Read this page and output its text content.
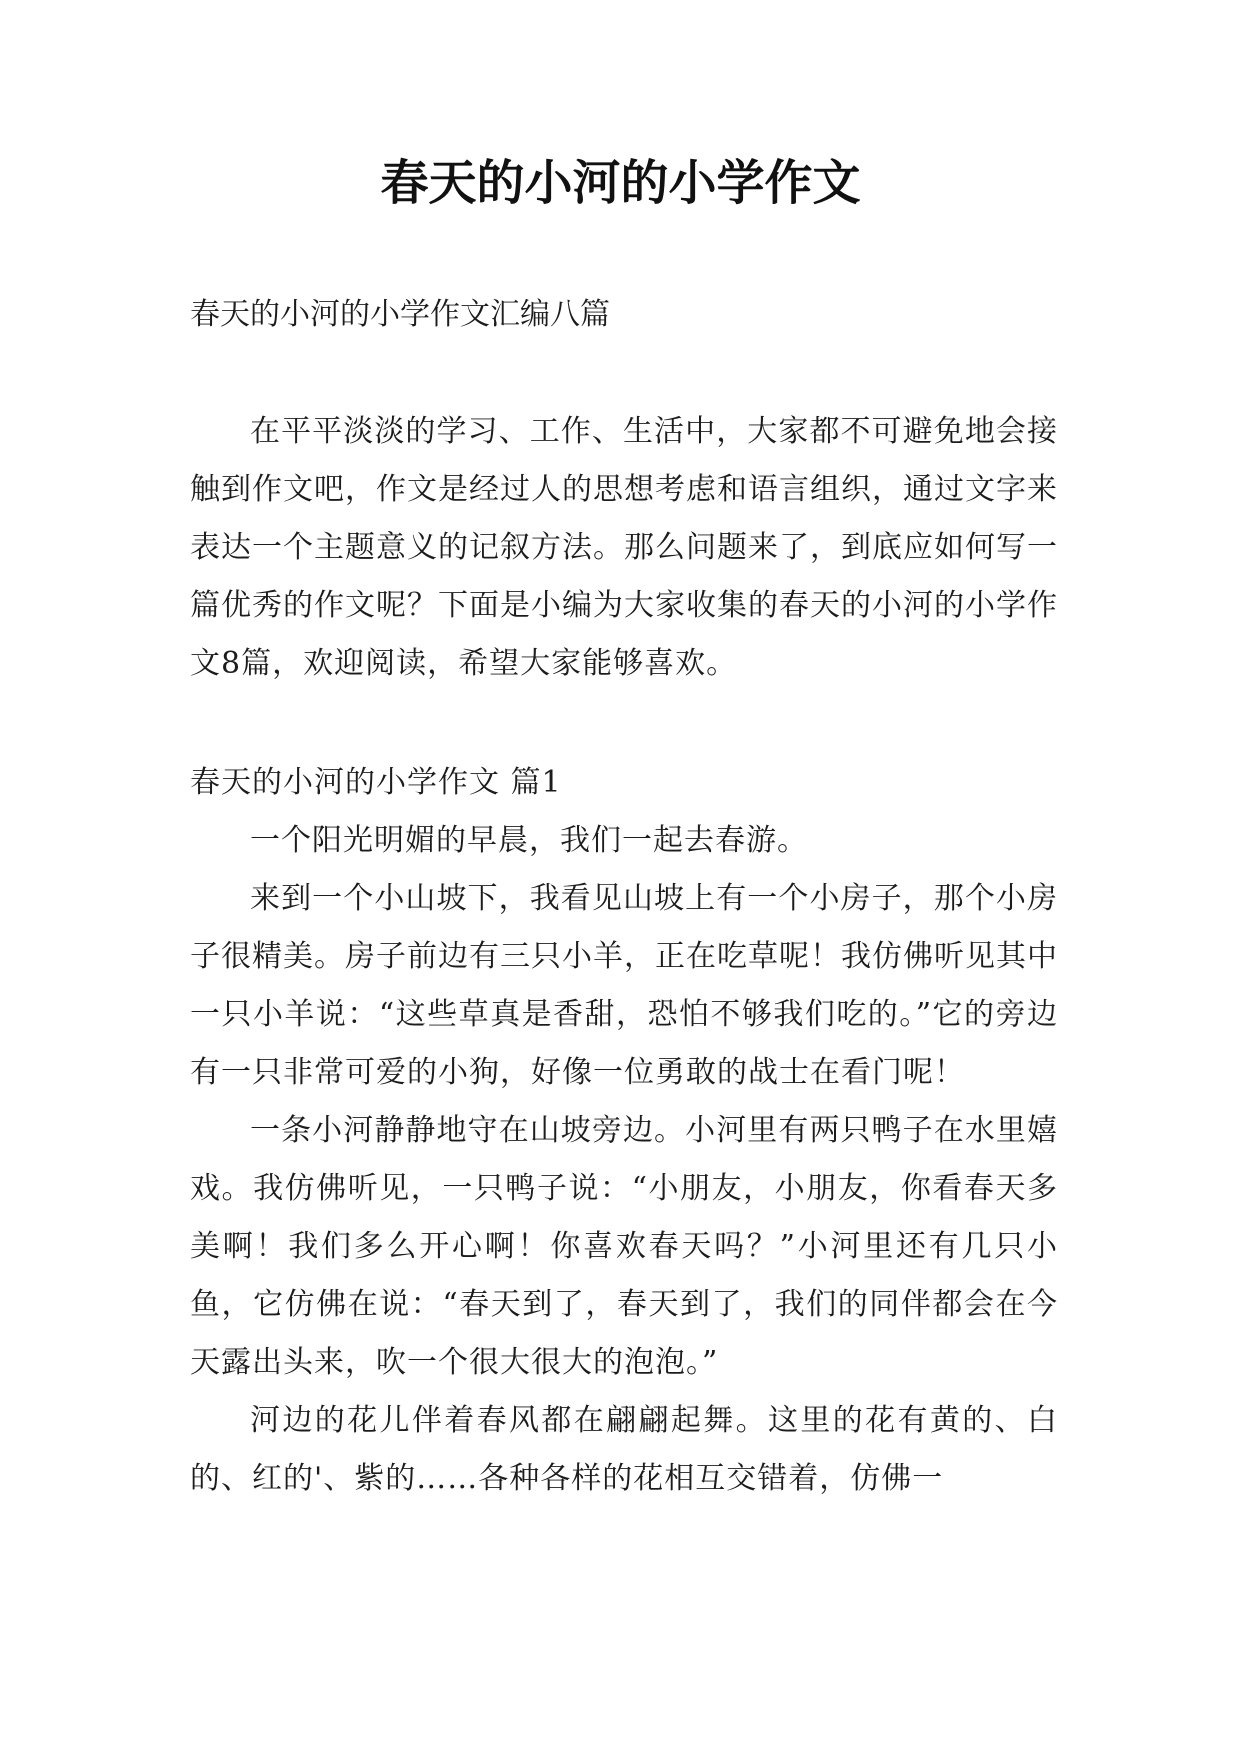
春天的小河的小学作文

春天的小河的小学作文汇编八篇

在平平淡淡的学习、工作、生活中，大家都不可避免地会接触到作文吧，作文是经过人的思想考虑和语言组织，通过文字来表达一个主题意义的记叙方法。那么问题来了，到底应如何写一篇优秀的作文呢？下面是小编为大家收集的春天的小河的小学作文8篇，欢迎阅读，希望大家能够喜欢。

春天的小河的小学作文 篇1

一个阳光明媚的早晨，我们一起去春游。

来到一个小山坡下，我看见山坡上有一个小房子，那个小房子很精美。房子前边有三只小羊，正在吃草呢！我仿佛听见其中一只小羊说：“这些草真是香甜，恐怕不够我们吃的。”它的旁边有一只非常可爱的小狗，好像一位勇敢的战士在看门呢！

一条小河静静地守在山坡旁边。小河里有两只鸭子在水里嬉戏。我仿佛听见，一只鸭子说：“小朋友，小朋友，你看春天多美啊！我们多么开心啊！你喜欢春天吗？”小河里还有几只小鱼，它仿佛在说：“春天到了，春天到了，我们的同伴都会在今天露出头来，吹一个很大很大的泡泡。”

河边的花儿伴着春风都在翩翩起舞。这里的花有黄的、白的、红的'、紫的……各种各样的花相互交错着，仿佛一
